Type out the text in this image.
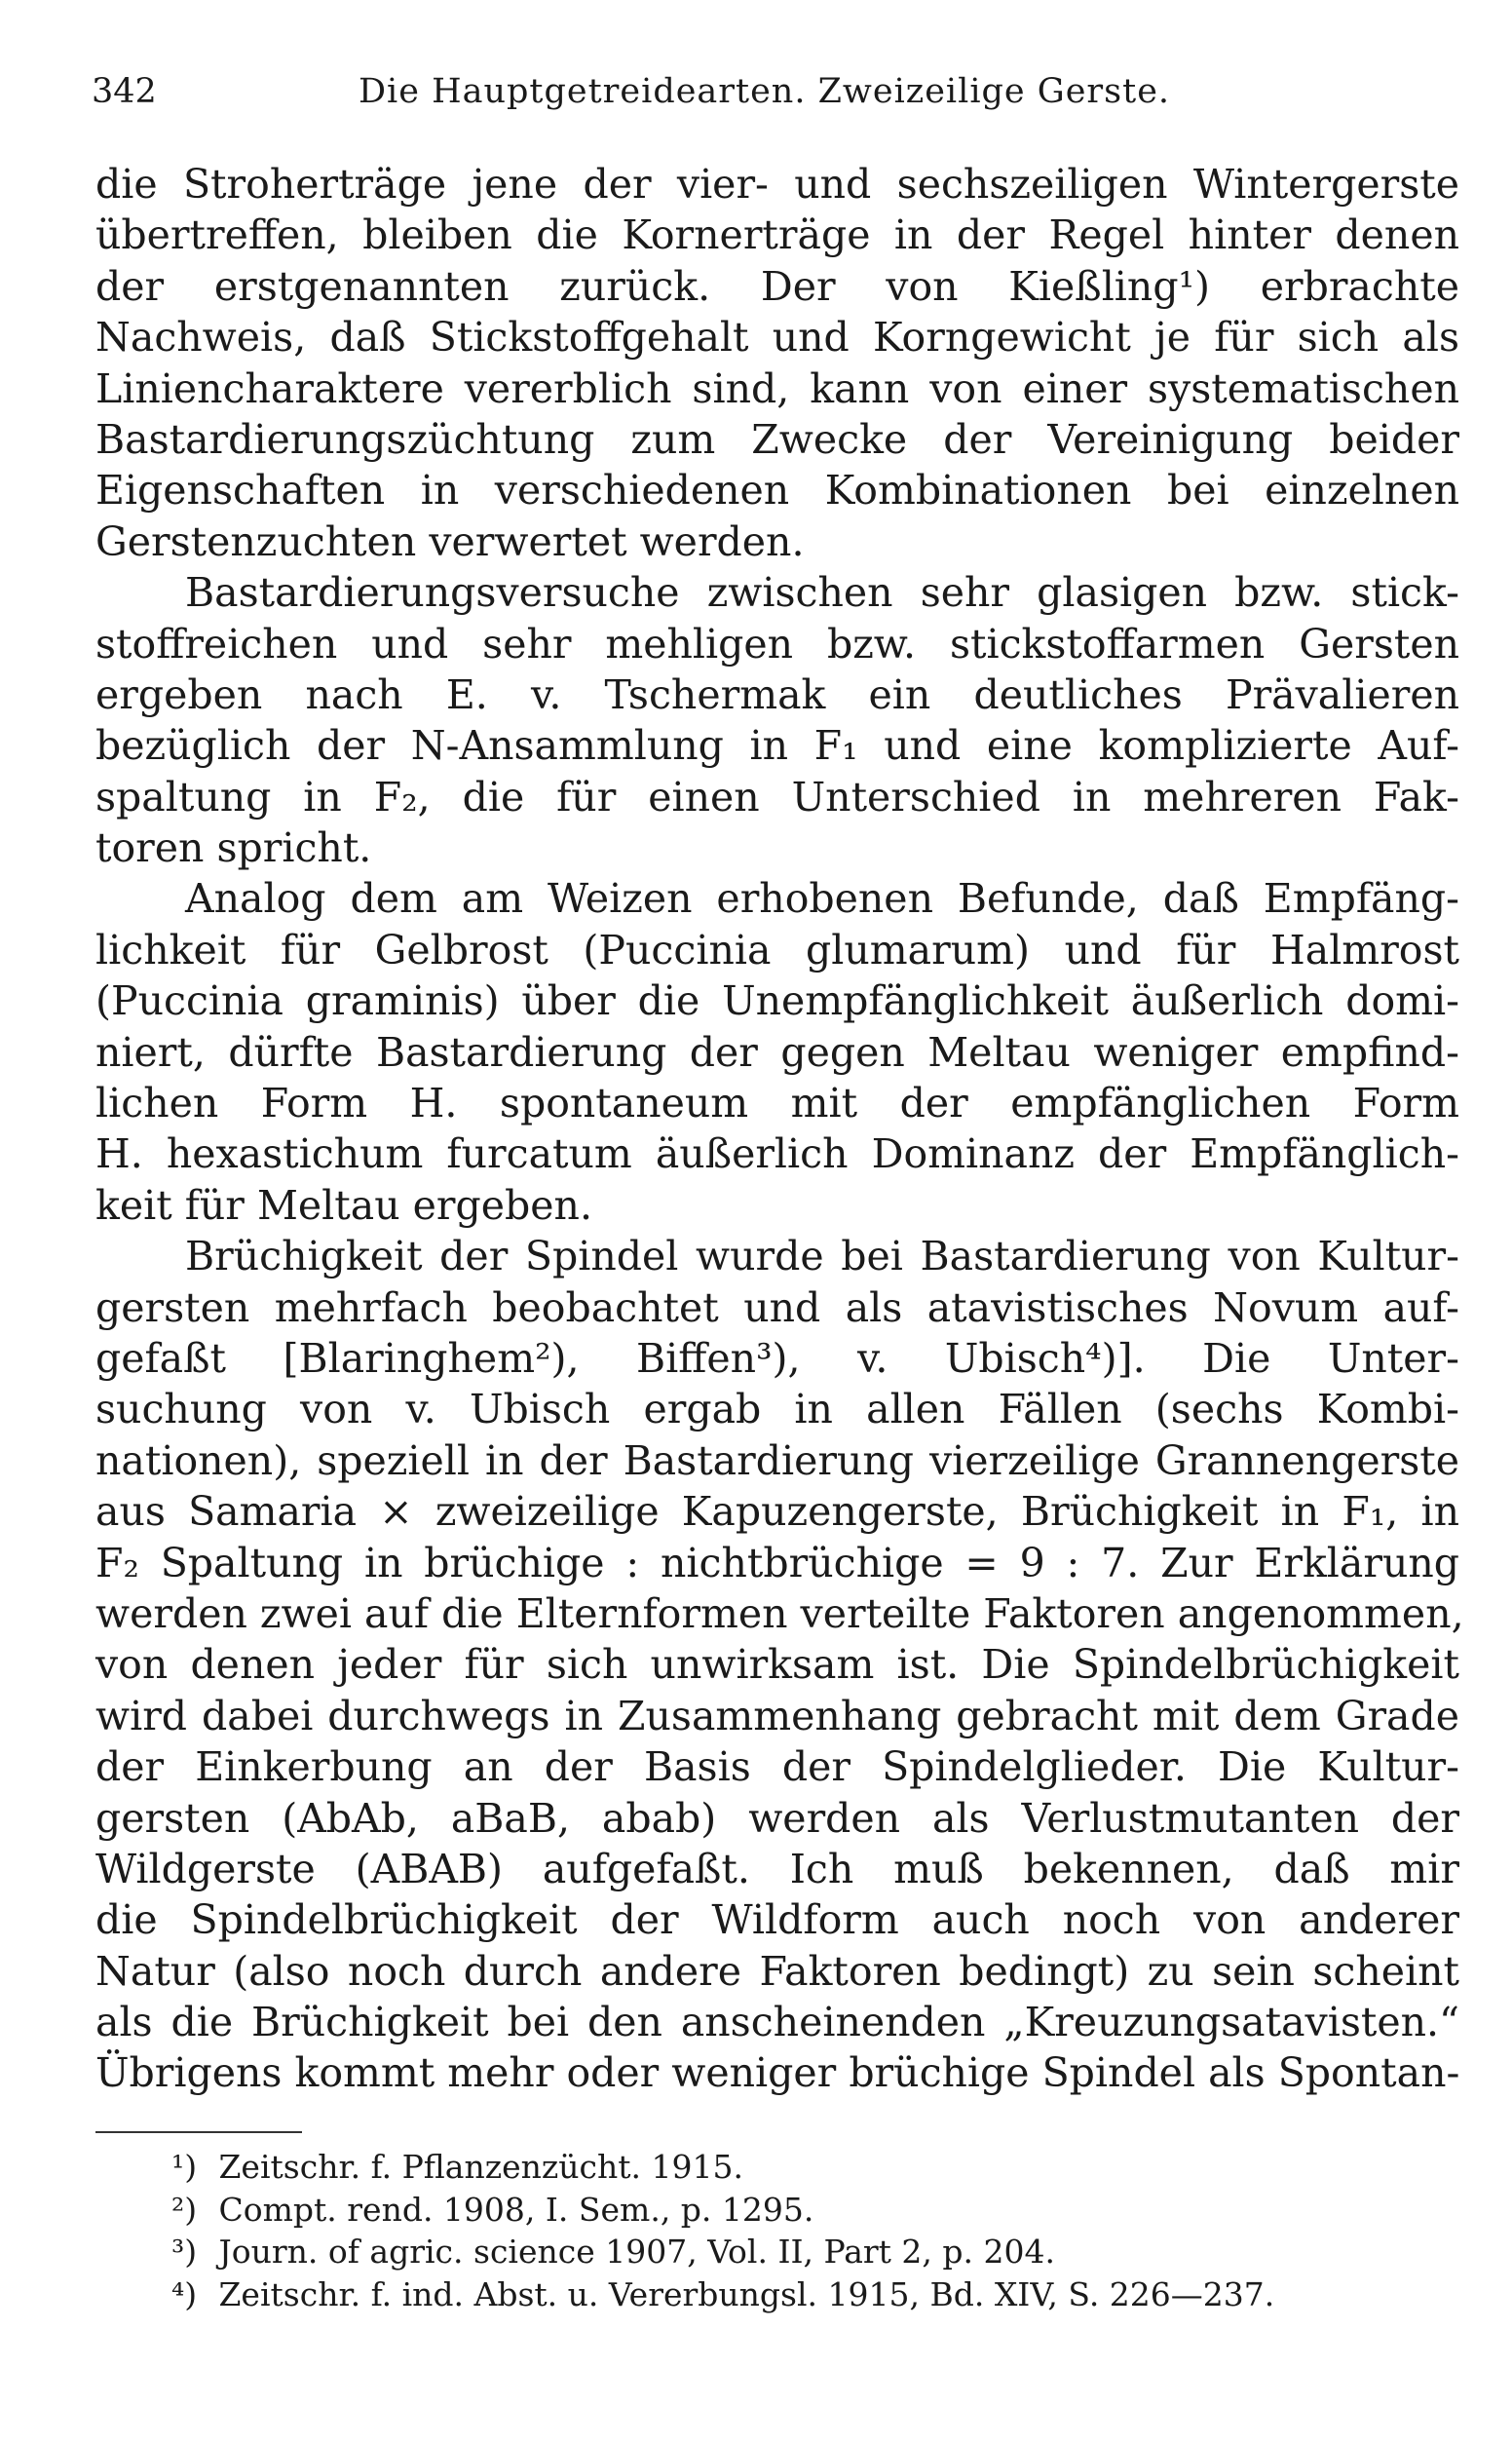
342	Die Hauptgetreidearten. Zweizeilige Gerste.
die Stroherträge jene der vier- und sechszeiligen Wintergerste
übertreffen, bleiben die Kornerträge in der Regel hinter denen
der erstgenannten zurück. Der von Kießling¹) erbrachte
Nachweis, daß Stickstoffgehalt und Korngewicht je für sich als
Liniencharaktere vererblich sind, kann von einer systematischen
Bastardierungszüchtung zum Zwecke der Vereinigung beider
Eigenschaften in verschiedenen Kombinationen bei einzelnen
Gerstenzuchten verwertet werden.
Bastardierungsversuche zwischen sehr glasigen bzw. stick-
stoffreichen und sehr mehligen bzw. stickstoffarmen Gersten
ergeben nach E. v. Tschermak ein deutliches Prävalieren
bezüglich der N-Ansammlung in F₁ und eine komplizierte Auf-
spaltung in F₂, die für einen Unterschied in mehreren Fak-
toren spricht.
Analog dem am Weizen erhobenen Befunde, daß Empfäng-
lichkeit für Gelbrost (Puccinia glumarum) und für Halmrost
(Puccinia graminis) über die Unempfänglichkeit äußerlich domi-
niert, dürfte Bastardierung der gegen Meltau weniger empfind-
lichen Form H. spontaneum mit der empfänglichen Form
H. hexastichum furcatum äußerlich Dominanz der Empfänglich-
keit für Meltau ergeben.
Brüchigkeit der Spindel wurde bei Bastardierung von Kultur-
gersten mehrfach beobachtet und als atavistisches Novum auf-
gefaßt [Blaringhem²), Biffen³), v. Ubisch⁴)]. Die Unter-
suchung von v. Ubisch ergab in allen Fällen (sechs Kombi-
nationen), speziell in der Bastardierung vierzeilige Grannengerste
aus Samaria × zweizeilige Kapuzengerste, Brüchigkeit in F₁, in
F₂ Spaltung in brüchige : nichtbrüchige = 9 : 7. Zur Erklärung
werden zwei auf die Elternformen verteilte Faktoren angenommen,
von denen jeder für sich unwirksam ist. Die Spindelbrüchigkeit
wird dabei durchwegs in Zusammenhang gebracht mit dem Grade
der Einkerbung an der Basis der Spindelglieder. Die Kultur-
gersten (AbAb, aBaB, abab) werden als Verlustmutanten der
Wildgerste (ABAB) aufgefaßt. Ich muß bekennen, daß mir
die Spindelbrüchigkeit der Wildform auch noch von anderer
Natur (also noch durch andere Faktoren bedingt) zu sein scheint
als die Brüchigkeit bei den anscheinenden „Kreuzungsatavisten.“
Übrigens kommt mehr oder weniger brüchige Spindel als Spontan-
¹) Zeitschr. f. Pflanzenzücht. 1915.
²) Compt. rend. 1908, I. Sem., p. 1295.
³) Journ. of agric. science 1907, Vol. II, Part 2, p. 204.
⁴) Zeitschr. f. ind. Abst. u. Vererbungsl. 1915, Bd. XIV, S. 226—237.
